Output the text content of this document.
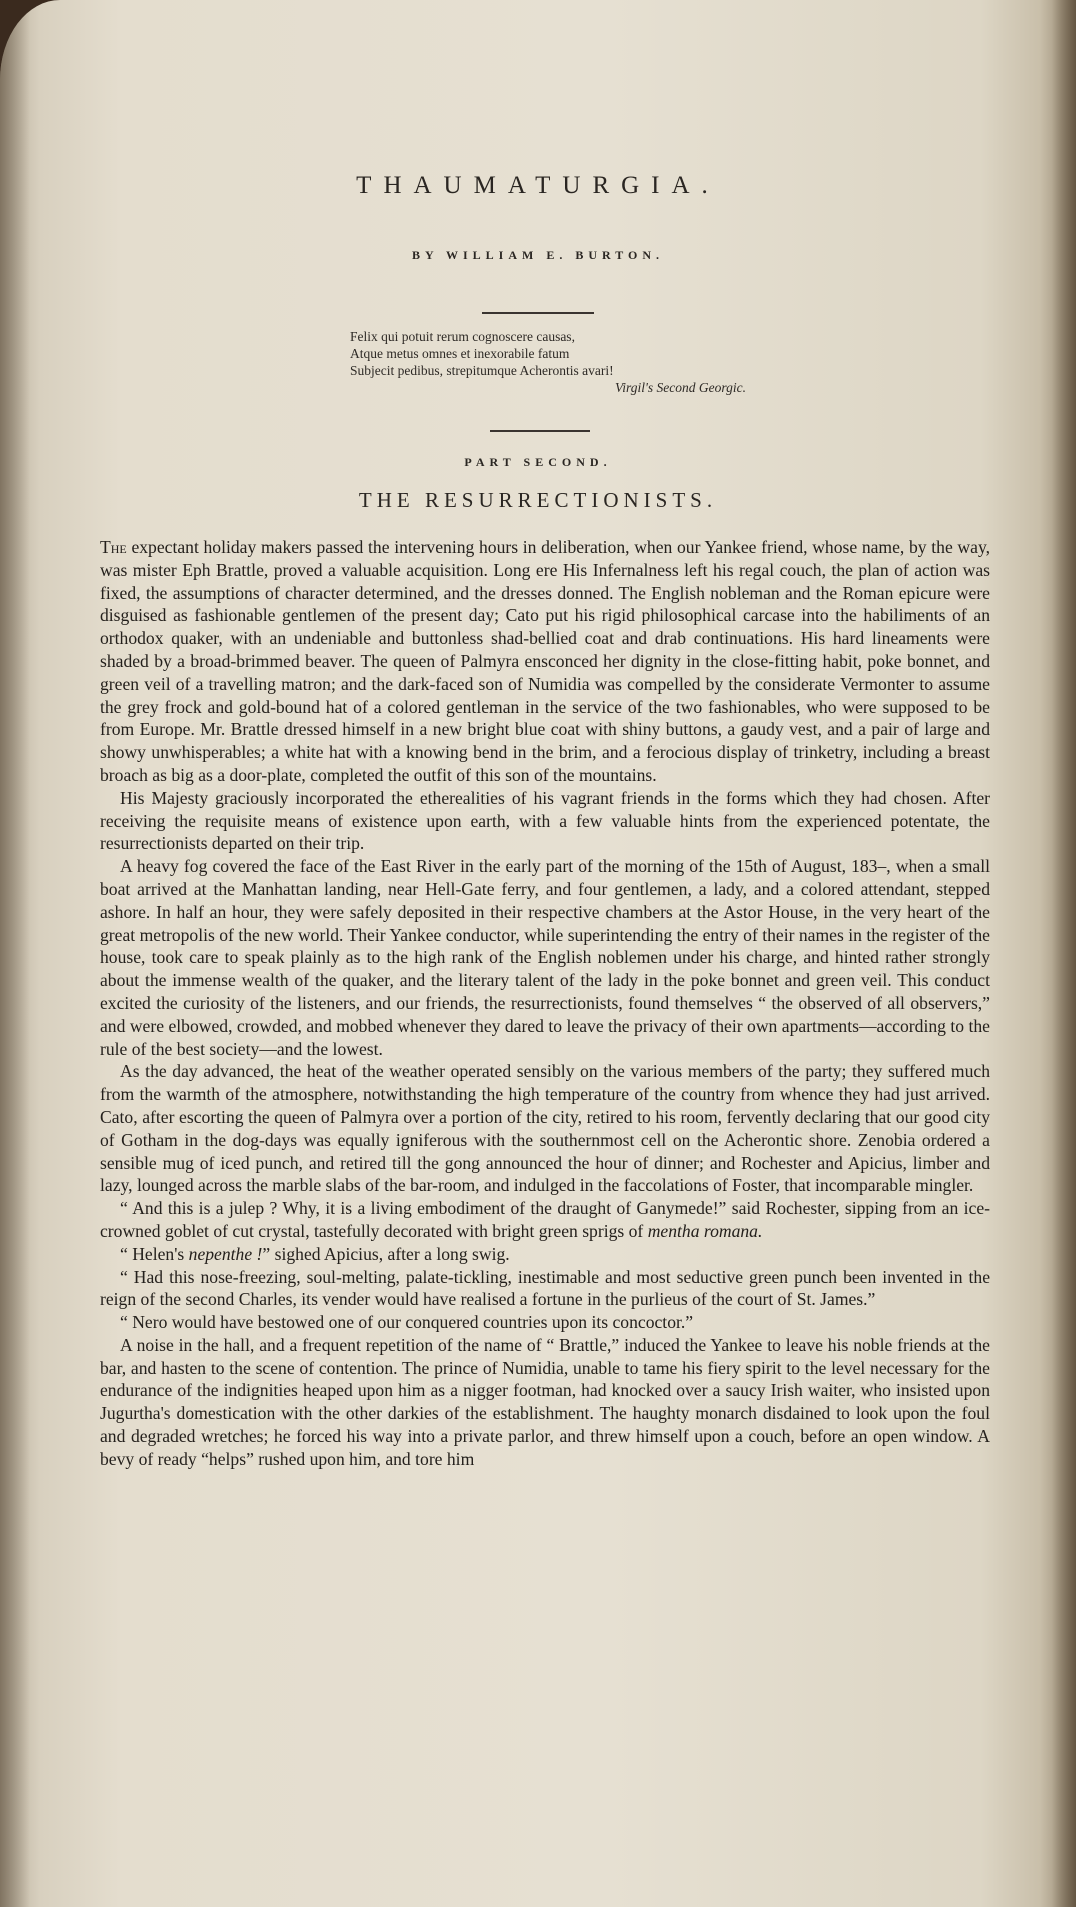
THAUMATURGIA.
BY WILLIAM E. BURTON.
Felix qui potuit rerum cognoscere causas,
Atque metus omnes et inexorabile fatum
Subjecit pedibus, strepitumque Acherontis avari!
Virgil's Second Georgic.
PART SECOND.
THE RESURRECTIONISTS.

The expectant holiday makers passed the intervening hours in deliberation, when our Yankee friend, whose name, by the way, was mister Eph Brattle, proved a valuable acquisition. Long ere His Infernalness left his regal couch, the plan of action was fixed, the assumptions of character determined, and the dresses donned. The English nobleman and the Roman epicure were disguised as fashionable gentlemen of the present day; Cato put his rigid philosophical carcase into the habiliments of an orthodox quaker, with an undeniable and buttonless shad-bellied coat and drab continuations. His hard lineaments were shaded by a broad-brimmed beaver. The queen of Palmyra ensconced her dignity in the close-fitting habit, poke bonnet, and green veil of a travelling matron; and the dark-faced son of Numidia was compelled by the considerate Vermonter to assume the grey frock and gold-bound hat of a colored gentleman in the service of the two fashionables, who were supposed to be from Europe. Mr. Brattle dressed himself in a new bright blue coat with shiny buttons, a gaudy vest, and a pair of large and showy unwhisperables; a white hat with a knowing bend in the brim, and a ferocious display of trinketry, including a breast broach as big as a door-plate, completed the outfit of this son of the mountains.

His Majesty graciously incorporated the etherealities of his vagrant friends in the forms which they had chosen. After receiving the requisite means of existence upon earth, with a few valuable hints from the experienced potentate, the resurrectionists departed on their trip.

A heavy fog covered the face of the East River in the early part of the morning of the 15th of August, 183–, when a small boat arrived at the Manhattan landing, near Hell-Gate ferry, and four gentlemen, a lady, and a colored attendant, stepped ashore. In half an hour, they were safely deposited in their respective chambers at the Astor House, in the very heart of the great metropolis of the new world. Their Yankee conductor, while superintending the entry of their names in the register of the house, took care to speak plainly as to the high rank of the English noblemen under his charge, and hinted rather strongly about the immense wealth of the quaker, and the literary talent of the lady in the poke bonnet and green veil. This conduct excited the curiosity of the listeners, and our friends, the resurrectionists, found themselves “ the observed of all observers,” and were elbowed, crowded, and mobbed whenever they dared to leave the privacy of their own apartments—according to the rule of the best society—and the lowest.

As the day advanced, the heat of the weather operated sensibly on the various members of the party; they suffered much from the warmth of the atmosphere, notwithstanding the high temperature of the country from whence they had just arrived. Cato, after escorting the queen of Palmyra over a portion of the city, retired to his room, fervently declaring that our good city of Gotham in the dog-days was equally igniferous with the southernmost cell on the Acherontic shore. Zenobia ordered a sensible mug of iced punch, and retired till the gong announced the hour of dinner; and Rochester and Apicius, limber and lazy, lounged across the marble slabs of the bar-room, and indulged in the faccolations of Foster, that incomparable mingler.

“ And this is a julep ? Why, it is a living embodiment of the draught of Ganymede!” said Rochester, sipping from an ice-crowned goblet of cut crystal, tastefully decorated with bright green sprigs of mentha romana.

“ Helen's nepenthe !” sighed Apicius, after a long swig.

“ Had this nose-freezing, soul-melting, palate-tickling, inestimable and most seductive green punch been invented in the reign of the second Charles, its vender would have realised a fortune in the purlieus of the court of St. James.”

“ Nero would have bestowed one of our conquered countries upon its concoctor.”

A noise in the hall, and a frequent repetition of the name of “ Brattle,” induced the Yankee to leave his noble friends at the bar, and hasten to the scene of contention. The prince of Numidia, unable to tame his fiery spirit to the level necessary for the endurance of the indignities heaped upon him as a nigger footman, had knocked over a saucy Irish waiter, who insisted upon Jugurtha's domestication with the other darkies of the establishment. The haughty monarch disdained to look upon the foul and degraded wretches; he forced his way into a private parlor, and threw himself upon a couch, before an open window. A bevy of ready “helps” rushed upon him, and tore him
